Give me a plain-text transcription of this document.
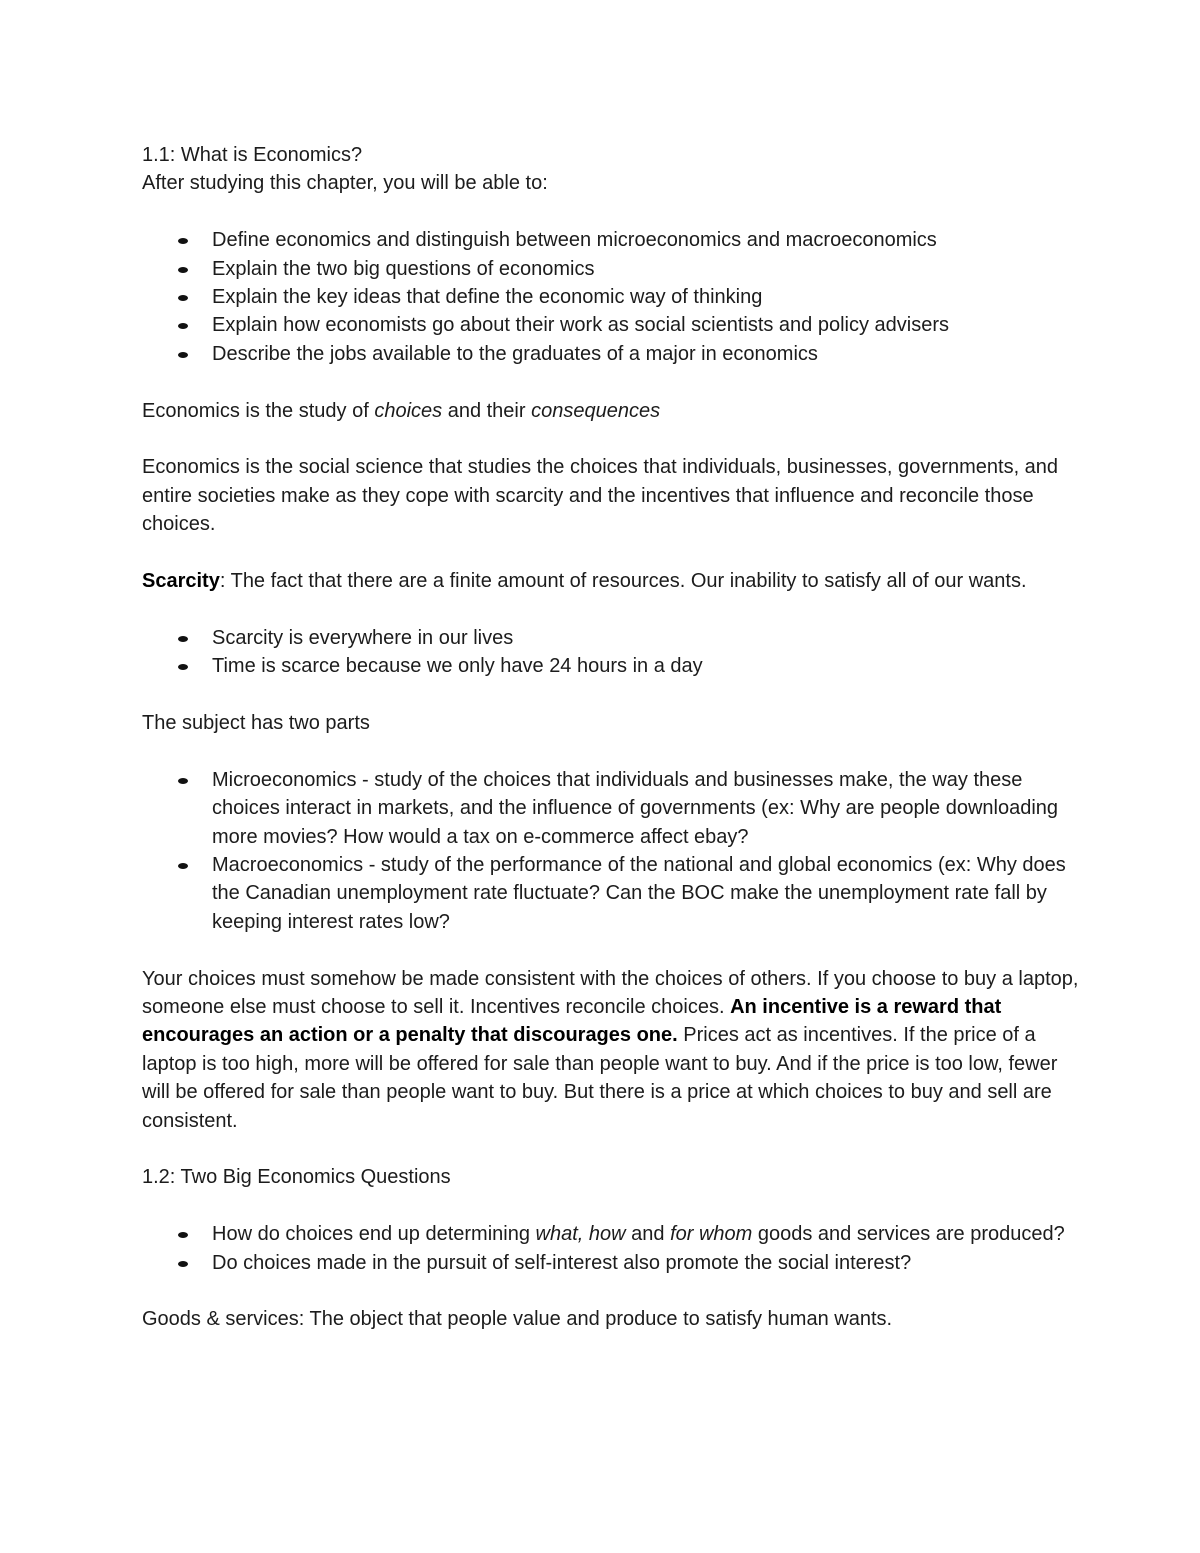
1.1: What is Economics?

After studying this chapter, you will be able to:

Define economics and distinguish between microeconomics and macroeconomics
Explain the two big questions of economics
Explain the key ideas that define the economic way of thinking
Explain how economists go about their work as social scientists and policy advisers
Describe the jobs available to the graduates of a major in economics

Economics is the study of choices and their consequences

Economics is the social science that studies the choices that individuals, businesses, governments, and entire societies make as they cope with scarcity and the incentives that influence and reconcile those choices.

Scarcity: The fact that there are a finite amount of resources. Our inability to satisfy all of our wants.

Scarcity is everywhere in our lives
Time is scarce because we only have 24 hours in a day

The subject has two parts

Microeconomics - study of the choices that individuals and businesses make, the way these choices interact in markets, and the influence of governments (ex: Why are people downloading more movies? How would a tax on e-commerce affect ebay?
Macroeconomics - study of the performance of the national and global economics (ex: Why does the Canadian unemployment rate fluctuate? Can the BOC make the unemployment rate fall by keeping interest rates low?

Your choices must somehow be made consistent with the choices of others. If you choose to buy a laptop, someone else must choose to sell it. Incentives reconcile choices. An incentive is a reward that encourages an action or a penalty that discourages one. Prices act as incentives. If the price of a laptop is too high, more will be offered for sale than people want to buy. And if the price is too low, fewer will be offered for sale than people want to buy. But there is a price at which choices to buy and sell are consistent.

1.2: Two Big Economics Questions

How do choices end up determining what, how and for whom goods and services are produced?
Do choices made in the pursuit of self-interest also promote the social interest?

Goods & services: The object that people value and produce to satisfy human wants.
